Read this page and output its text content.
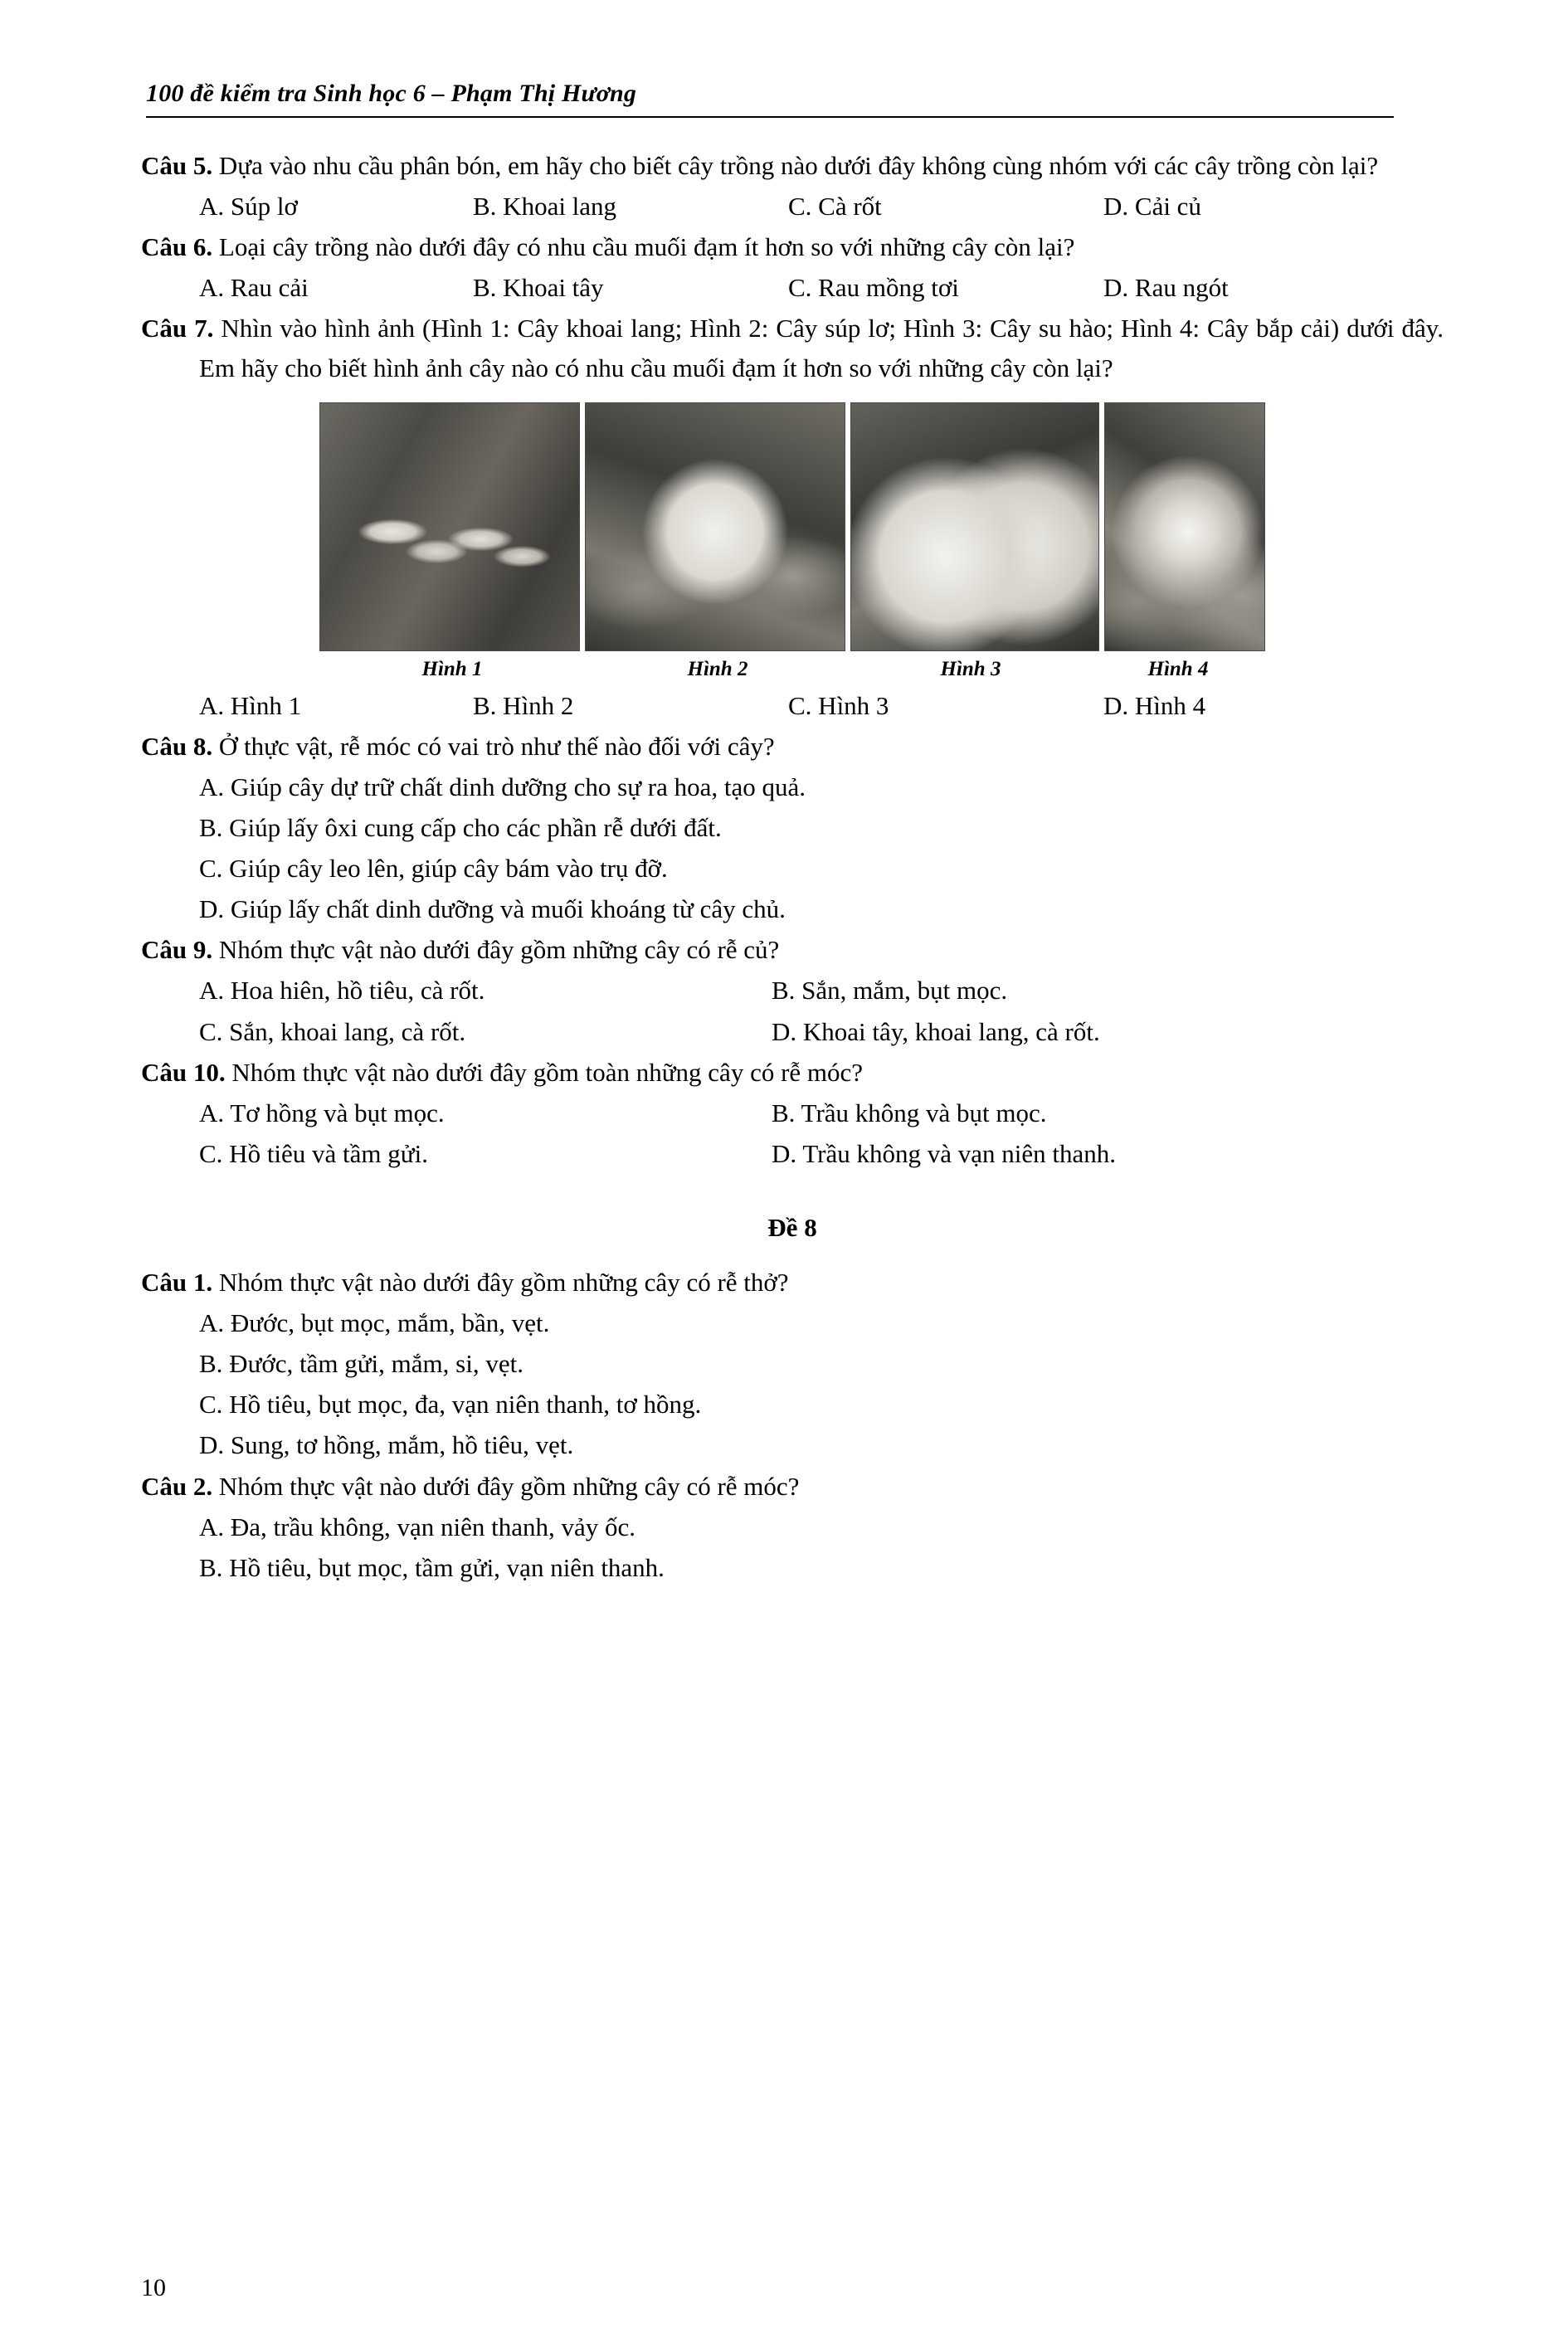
100 đề kiểm tra Sinh học 6 – Phạm Thị Hương
Câu 5. Dựa vào nhu cầu phân bón, em hãy cho biết cây trồng nào dưới đây không cùng nhóm với các cây trồng còn lại?
A. Súp lơ	B. Khoai lang	C. Cà rốt	D. Cải củ
Câu 6. Loại cây trồng nào dưới đây có nhu cầu muối đạm ít hơn so với những cây còn lại?
A. Rau cải	B. Khoai tây	C. Rau mồng tơi	D. Rau ngót
Câu 7. Nhìn vào hình ảnh (Hình 1: Cây khoai lang; Hình 2: Cây súp lơ; Hình 3: Cây su hào; Hình 4: Cây bắp cải) dưới đây. Em hãy cho biết hình ảnh cây nào có nhu cầu muối đạm ít hơn so với những cây còn lại?
Hình 1	Hình 2	Hình 3	Hình 4
A. Hình 1	B. Hình 2	C. Hình 3	D. Hình 4
Câu 8. Ở thực vật, rễ móc có vai trò như thế nào đối với cây?
A. Giúp cây dự trữ chất dinh dưỡng cho sự ra hoa, tạo quả.
B. Giúp lấy ôxi cung cấp cho các phần rễ dưới đất.
C. Giúp cây leo lên, giúp cây bám vào trụ đỡ.
D. Giúp lấy chất dinh dưỡng và muối khoáng từ cây chủ.
Câu 9. Nhóm thực vật nào dưới đây gồm những cây có rễ củ?
A. Hoa hiên, hồ tiêu, cà rốt.	B. Sắn, mắm, bụt mọc.
C. Sắn, khoai lang, cà rốt.	D. Khoai tây, khoai lang, cà rốt.
Câu 10. Nhóm thực vật nào dưới đây gồm toàn những cây có rễ móc?
A. Tơ hồng và bụt mọc.	B. Trầu không và bụt mọc.
C. Hồ tiêu và tầm gửi.	D. Trầu không và vạn niên thanh.
Đề 8
Câu 1. Nhóm thực vật nào dưới đây gồm những cây có rễ thở?
A. Đước, bụt mọc, mắm, bần, vẹt.
B. Đước, tầm gửi, mắm, si, vẹt.
C. Hồ tiêu, bụt mọc, đa, vạn niên thanh, tơ hồng.
D. Sung, tơ hồng, mắm, hồ tiêu, vẹt.
Câu 2. Nhóm thực vật nào dưới đây gồm những cây có rễ móc?
A. Đa, trầu không, vạn niên thanh, vảy ốc.
B. Hồ tiêu, bụt mọc, tầm gửi, vạn niên thanh.
10
